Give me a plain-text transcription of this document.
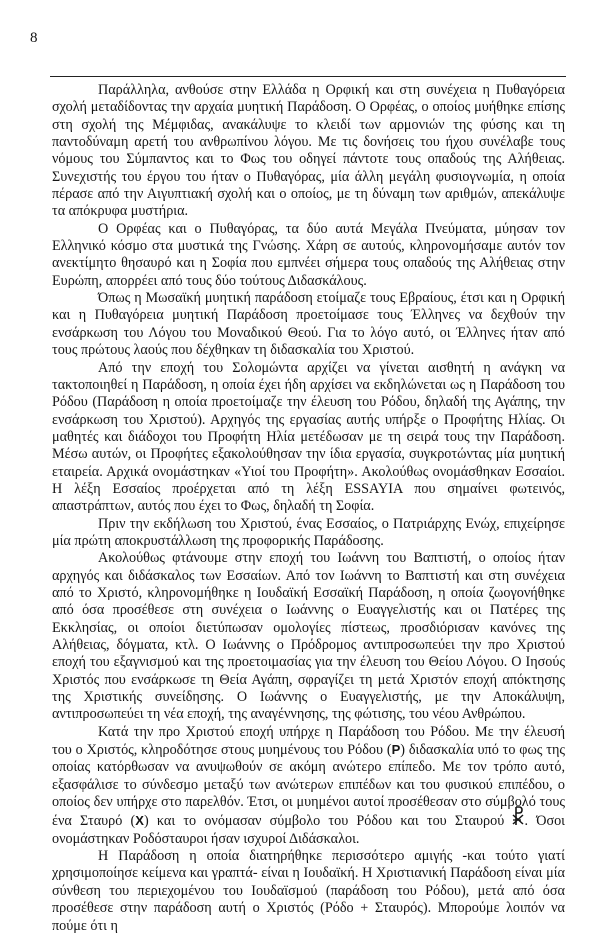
8

Παράλληλα, ανθούσε στην Ελλάδα η Ορφική και στη συνέχεια η Πυθαγόρεια σχολή μεταδίδοντας την αρχαία μυητική Παράδοση. Ο Ορφέας, ο οποίος μυήθηκε επίσης στη σχολή της Μέμφιδας, ανακάλυψε το κλειδί των αρμονιών της φύσης και τη παντοδύναμη αρετή του ανθρωπίνου λόγου. Με τις δονήσεις του ήχου συνέλαβε τους νόμους του Σύμπαντος και το Φως του οδηγεί πάντοτε τους οπαδούς της Αλήθειας. Συνεχιστής του έργου του ήταν ο Πυθαγόρας, μία άλλη μεγάλη φυσιογνωμία, η οποία πέρασε από την Αιγυπτιακή σχολή και ο οποίος, με τη δύναμη των αριθμών, απεκάλυψε τα απόκρυφα μυστήρια.

Ο Ορφέας και ο Πυθαγόρας, τα δύο αυτά Μεγάλα Πνεύματα, μύησαν τον Ελληνικό κόσμο στα μυστικά της Γνώσης. Χάρη σε αυτούς, κληρονομήσαμε αυτόν τον ανεκτίμητο θησαυρό και η Σοφία που εμπνέει σήμερα τους οπαδούς της Αλήθειας στην Ευρώπη, απορρέει από τους δύο τούτους Διδασκάλους.

Όπως η Μωσαϊκή μυητική παράδοση ετοίμαζε τους Εβραίους, έτσι και η Ορφική και η Πυθαγόρεια μυητική Παράδοση προετοίμασε τους Έλληνες να δεχθούν την ενσάρκωση του Λόγου του Μοναδικού Θεού. Για το λόγο αυτό, οι Έλληνες ήταν από τους πρώτους λαούς που δέχθηκαν τη διδασκαλία του Χριστού.

Από την εποχή του Σολομώντα αρχίζει να γίνεται αισθητή η ανάγκη να τακτοποιηθεί η Παράδοση, η οποία έχει ήδη αρχίσει να εκδηλώνεται ως η Παράδοση του Ρόδου (Παράδοση η οποία προετοίμαζε την έλευση του Ρόδου, δηλαδή της Αγάπης, την ενσάρκωση του Χριστού). Αρχηγός της εργασίας αυτής υπήρξε ο Προφήτης Ηλίας. Οι μαθητές και διάδοχοι του Προφήτη Ηλία μετέδωσαν με τη σειρά τους την Παράδοση. Μέσω αυτών, οι Προφήτες εξακολούθησαν την ίδια εργασία, συγκροτώντας μία μυητική εταιρεία. Αρχικά ονομάστηκαν «Υιοί του Προφήτη». Ακολούθως ονομάσθηκαν Εσσαίοι. Η λέξη Εσσαίος προέρχεται από τη λέξη ESSAYIA που σημαίνει φωτεινός, απαστράπτων, αυτός που έχει το Φως, δηλαδή τη Σοφία.

Πριν την εκδήλωση του Χριστού, ένας Εσσαίος, ο Πατριάρχης Ενώχ, επιχείρησε μία πρώτη αποκρυστάλλωση της προφορικής Παράδοσης.

Ακολούθως φτάνουμε στην εποχή του Ιωάννη του Βαπτιστή, ο οποίος ήταν αρχηγός και διδάσκαλος των Εσσαίων. Από τον Ιωάννη το Βαπτιστή και στη συνέχεια από το Χριστό, κληρονομήθηκε η Ιουδαϊκή Εσσαϊκή Παράδοση, η οποία ζωογονήθηκε από όσα προσέθεσε στη συνέχεια ο Ιωάννης ο Ευαγγελιστής και οι Πατέρες της Εκκλησίας, οι οποίοι διετύπωσαν ομολογίες πίστεως, προσδιόρισαν κανόνες της Αλήθειας, δόγματα, κτλ. Ο Ιωάννης ο Πρόδρομος αντιπροσωπεύει την προ Χριστού εποχή του εξαγνισμού και της προετοιμασίας για την έλευση του Θείου Λόγου. Ο Ιησούς Χριστός που ενσάρκωσε τη Θεία Αγάπη, σφραγίζει τη μετά Χριστόν εποχή απόκτησης της Χριστικής συνείδησης. Ο Ιωάννης ο Ευαγγελιστής, με την Αποκάλυψη, αντιπροσωπεύει τη νέα εποχή, της αναγέννησης, της φώτισης, του νέου Ανθρώπου.

Κατά την προ Χριστού εποχή υπήρχε η Παράδοση του Ρόδου. Με την έλευσή του ο Χριστός, κληροδότησε στους μυημένους του Ρόδου (P) διδασκαλία υπό το φως της οποίας κατόρθωσαν να ανυψωθούν σε ακόμη ανώτερο επίπεδο. Με τον τρόπο αυτό, εξασφάλισε το σύνδεσμο μεταξύ των ανώτερων επιπέδων και του φυσικού επιπέδου, ο οποίος δεν υπήρχε στο παρελθόν. Έτσι, οι μυημένοι αυτοί προσέθεσαν στο σύμβολό τους ένα Σταυρό (X) και το ονόμασαν σύμβολο του Ρόδου και του Σταυρού
. Όσοι ονομάστηκαν Ροδόσταυροι ήσαν ισχυροί Διδάσκαλοι.

Η Παράδοση η οποία διατηρήθηκε περισσότερο αμιγής -και τούτο γιατί χρησιμοποίησε κείμενα και γραπτά- είναι η Ιουδαϊκή. Η Χριστιανική Παράδοση είναι μία σύνθεση του περιεχομένου του Ιουδαϊσμού (παράδοση του Ρόδου), μετά από όσα προσέθεσε στην παράδοση αυτή ο Χριστός (Ρόδο + Σταυρός). Μπορούμε λοιπόν να πούμε ότι η
